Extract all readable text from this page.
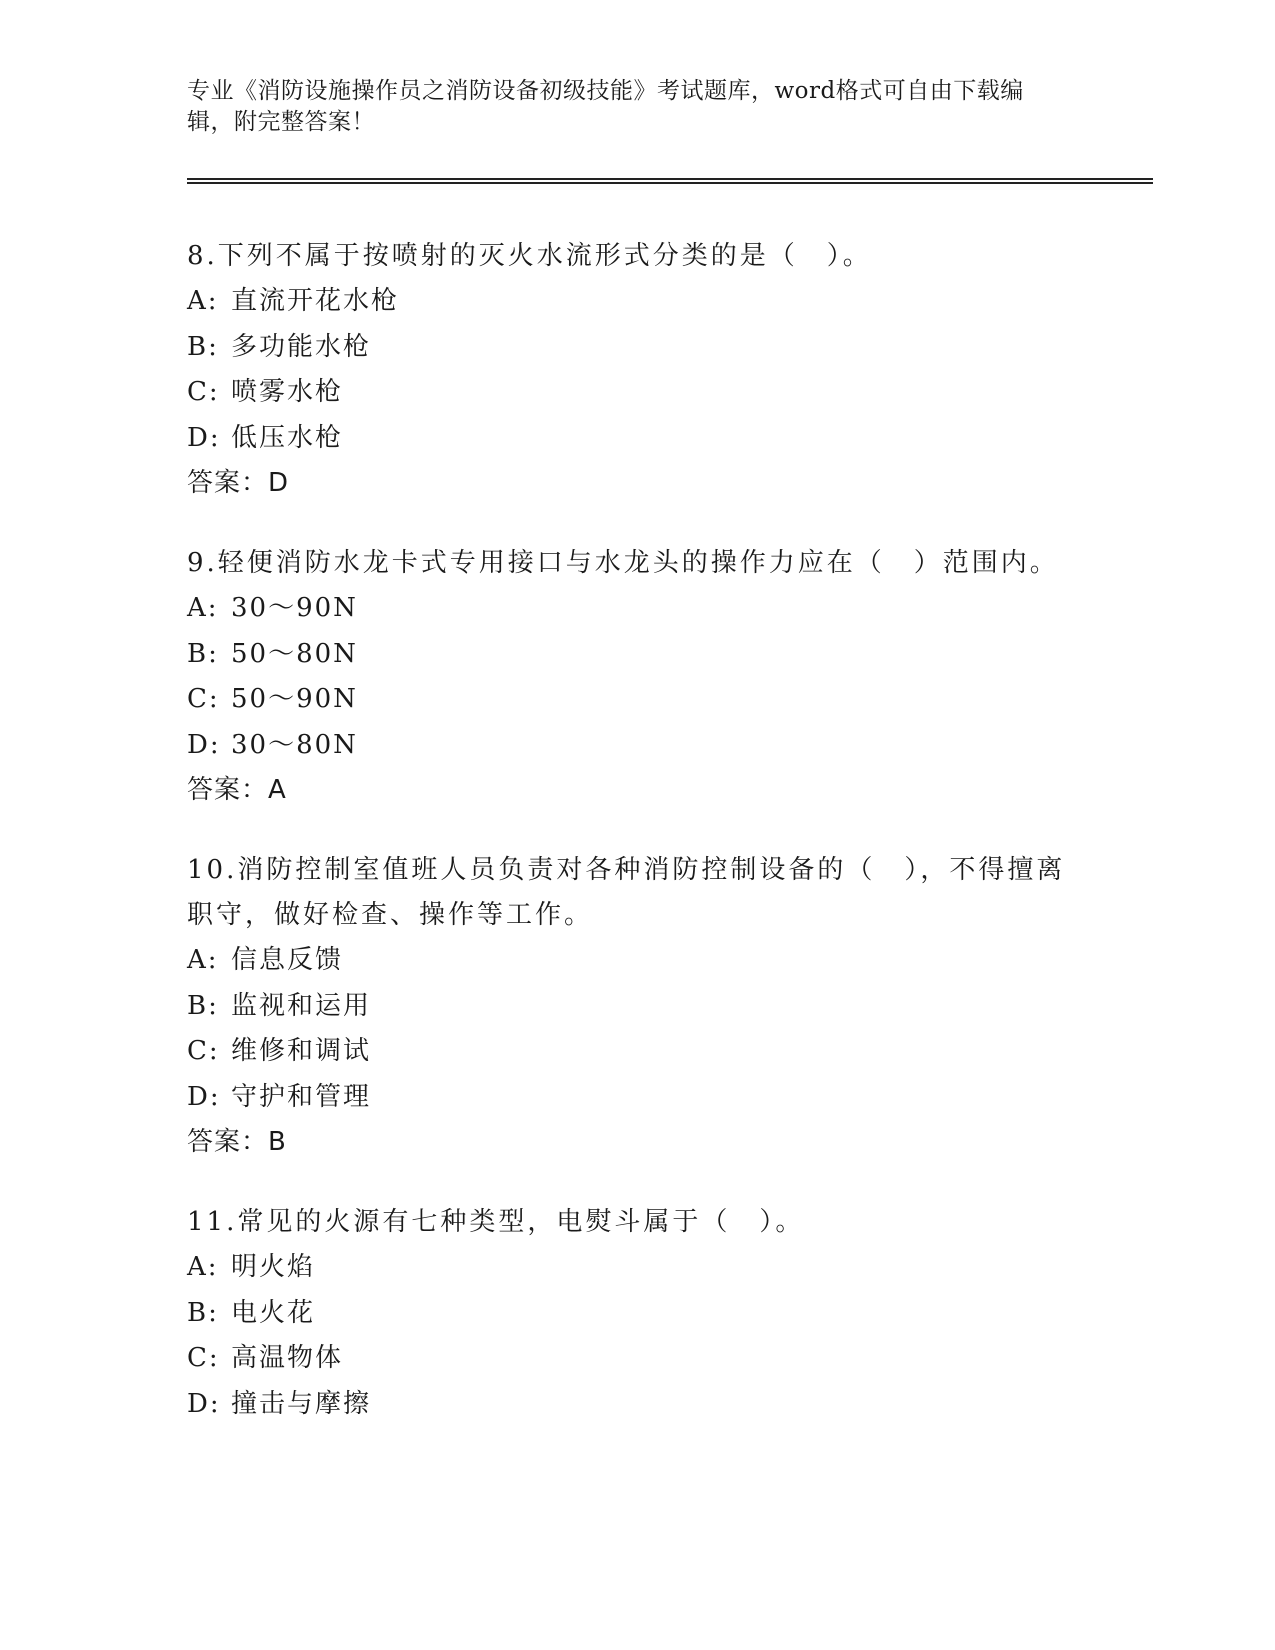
专业《消防设施操作员之消防设备初级技能》考试题库，word格式可自由下载编辑，附完整答案！
8.下列不属于按喷射的灭火水流形式分类的是（　）。
A: 直流开花水枪
B: 多功能水枪
C: 喷雾水枪
D: 低压水枪
答案：D
9.轻便消防水龙卡式专用接口与水龙头的操作力应在（　）范围内。
A: 30～90N
B: 50～80N
C: 50～90N
D: 30～80N
答案：A
10.消防控制室值班人员负责对各种消防控制设备的（　），不得擅离职守，做好检查、操作等工作。
A: 信息反馈
B: 监视和运用
C: 维修和调试
D: 守护和管理
答案：B
11.常见的火源有七种类型，电熨斗属于（　）。
A: 明火焰
B: 电火花
C: 高温物体
D: 撞击与摩擦
